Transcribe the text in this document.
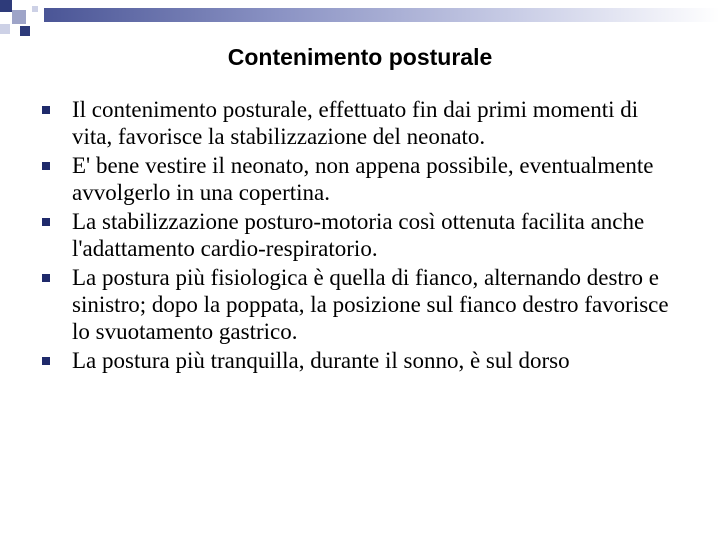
Contenimento posturale
Il contenimento posturale, effettuato fin dai primi momenti di vita, favorisce la stabilizzazione del neonato.
E' bene vestire il neonato, non appena possibile, eventualmente avvolgerlo in una copertina.
La stabilizzazione posturo-motoria così ottenuta facilita anche l'adattamento cardio-respiratorio.
La postura più fisiologica è quella di fianco, alternando destro e sinistro; dopo la poppata, la posizione sul fianco destro favorisce lo svuotamento gastrico.
La postura più tranquilla, durante il sonno, è sul dorso
